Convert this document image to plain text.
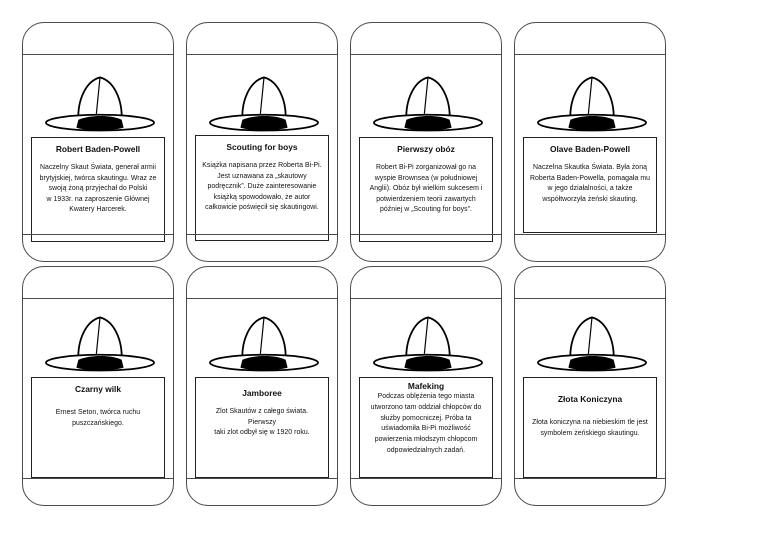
Robert Baden-Powell
Naczelny Skaut Świata, generał armii
brytyjskiej, twórca skautingu. Wraz ze
swoją żoną przyjechał do Polski
w 1933r. na zaproszenie Głównej
Kwatery Harcerek.
Scouting for boys
Książka napisana przez Roberta Bi-Pi.
Jest uznawana za „skautowy
podręcznik”. Duże zainteresowanie
książką spowodowało, że autor
całkowicie poświęcił się skautingowi.
Pierwszy obóz
Robert Bi-Pi zorganizował go na
wyspie Brownsea (w południowej
Anglii). Obóz był wielkim sukcesem i
potwierdzeniem teorii zawartych
później w „Scouting for boys”.
Olave Baden-Powell
Naczelna Skautka Świata. Była żoną
Roberta Baden-Powella, pomagała mu
w jego działalności, a także
współtworzyła żeński skauting.
Czarny wilk
Ernest Seton, twórca ruchu
puszczańskiego.
Jamboree
Zlot Skautów z całego świata. Pierwszy
taki zlot odbył się w 1920 roku.
Mafeking
Podczas oblężenia tego miasta
utworzono tam oddział chłopców do
służby pomocniczej. Próba ta
uświadomiła Bi-Pi możliwość
powierzenia młodszym chłopcom
odpowiedzialnych zadań.
Złota Koniczyna
Złota koniczyna na niebieskim tle jest
symbolem żeńskiego skautingu.
